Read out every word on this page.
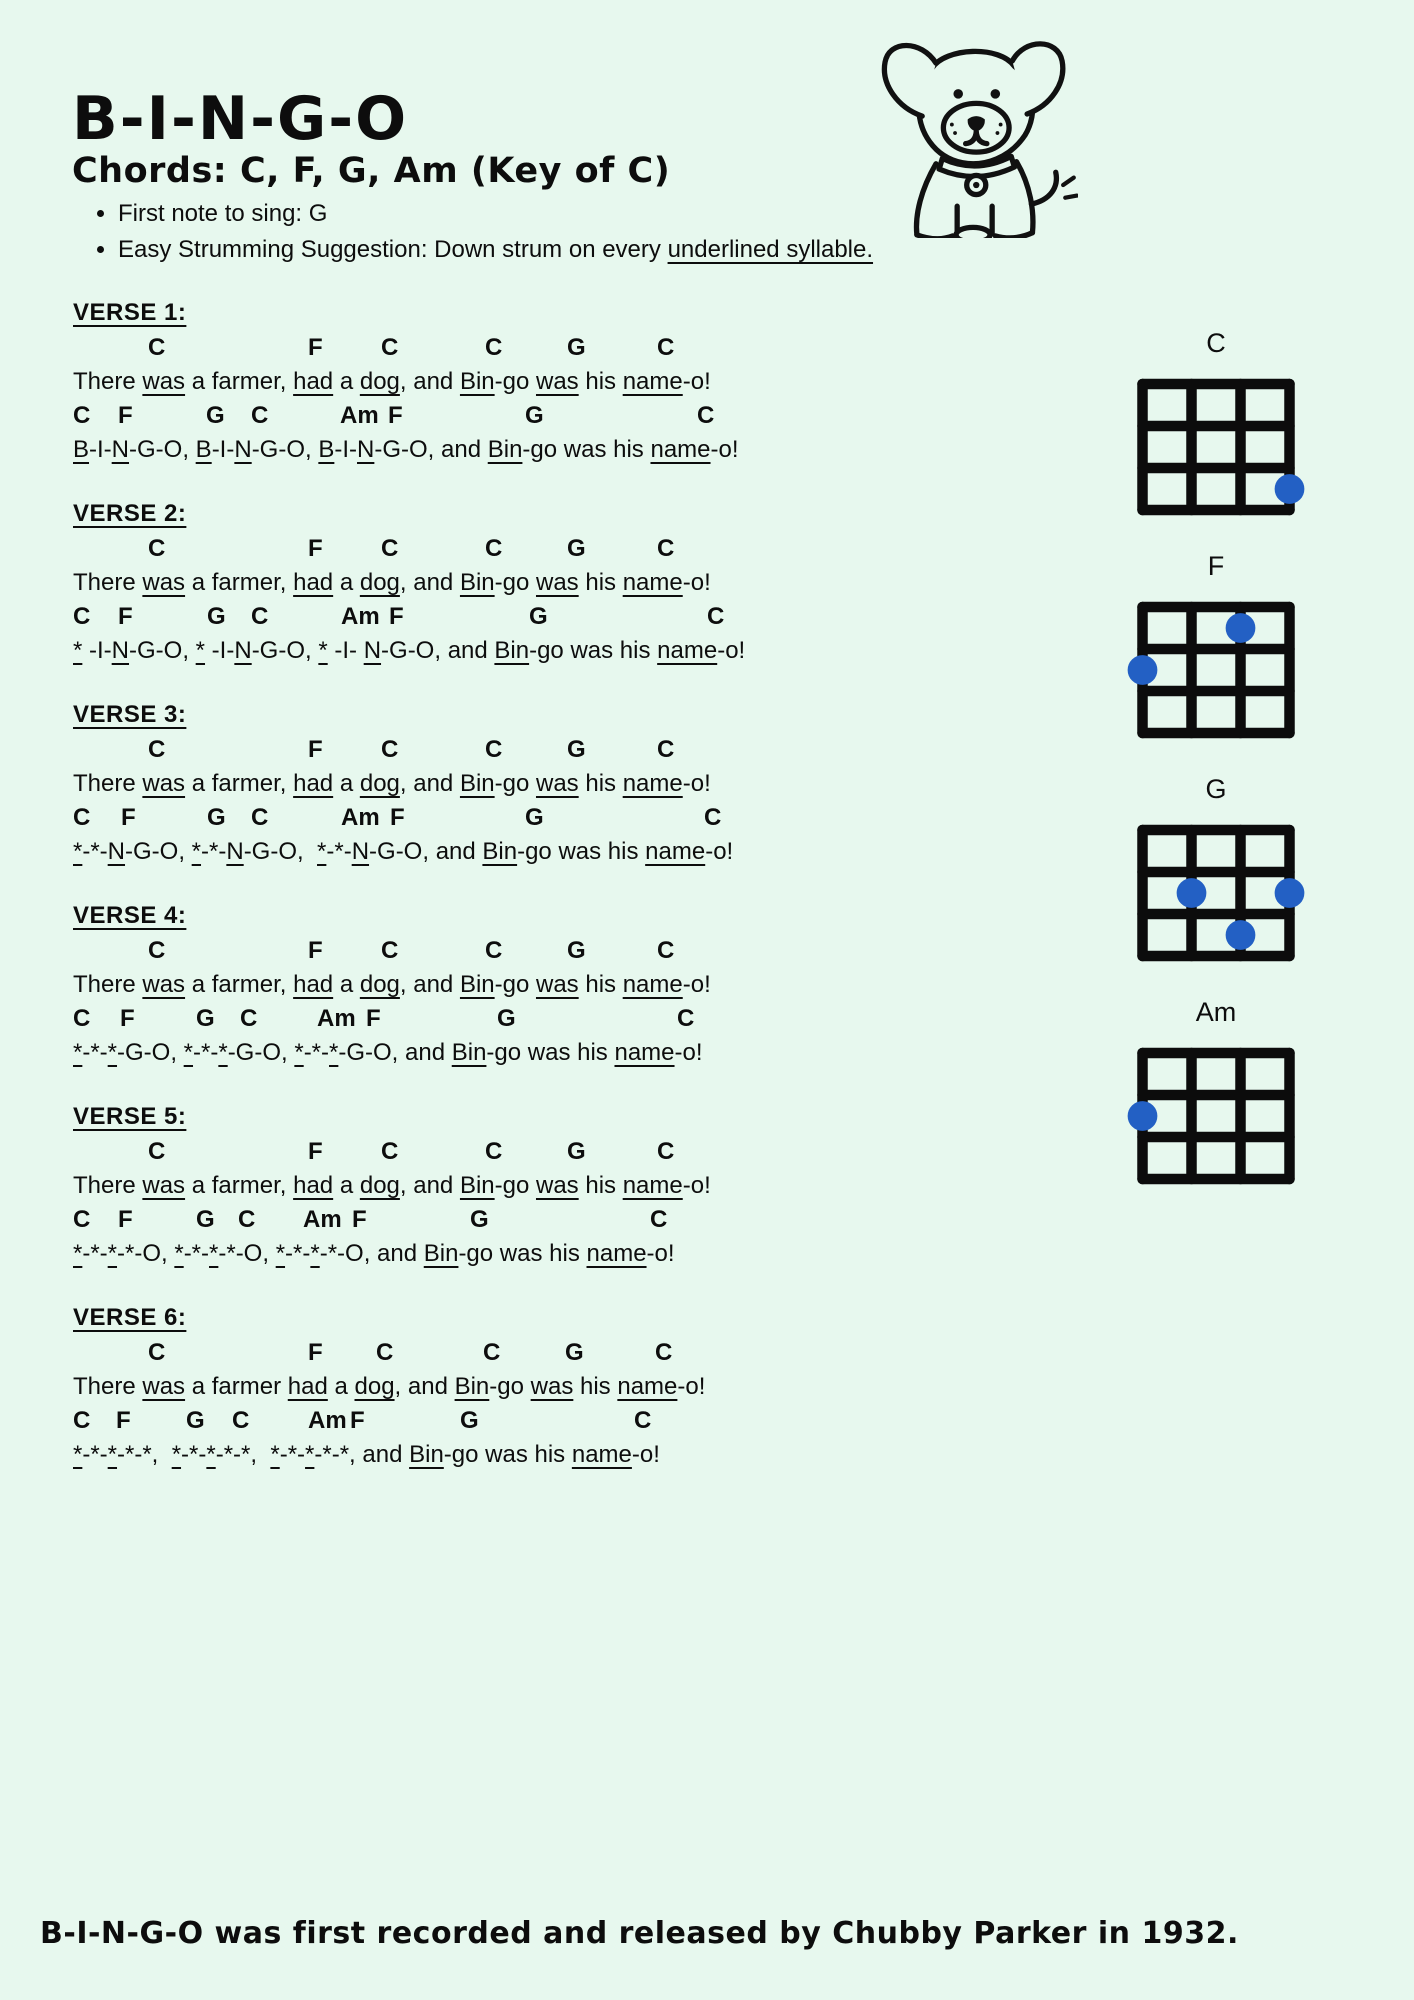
B-I-N-G-O
Chords: C, F, G, Am (Key of C)
• First note to sing: G
• Easy Strumming Suggestion: Down strum on every underlined syllable.
VERSE 1:
C	F C	C	G	C
There was a farmer, had a dog, and Bin-go was his name-o!
C F	G C	Am F	G	C
B-I-N-G-O, B-I-N-G-O, B-I-N-G-O, and Bin-go was his name-o!
VERSE 2:
C	F C	C	G	C
There was a farmer, had a dog, and Bin-go was his name-o!
C F	G C	Am F	G	C
* -I-N-G-O, * -I-N-G-O, * -I- N-G-O, and Bin-go was his name-o!
VERSE 3:
C	F C	C	G	C
There was a farmer, had a dog, and Bin-go was his name-o!
C F	G C	Am F	G	C
*-*-N-G-O, *-*-N-G-O,  *-*-N-G-O, and Bin-go was his name-o!
VERSE 4:
C	F C	C	G	C
There was a farmer, had a dog, and Bin-go was his name-o!
C F	G C Am F	G	C
*-*-*-G-O, *-*-*-G-O, *-*-*-G-O, and Bin-go was his name-o!
VERSE 5:
C	F C	C	G	C
There was a farmer, had a dog, and Bin-go was his name-o!
C F	G C Am F	G	C
*-*-*-*-O, *-*-*-*-O, *-*-*-*-O, and Bin-go was his name-o!
VERSE 6:
C	F C	C	G	C
There was a farmer had a dog, and Bin-go was his name-o!
C F G C Am F	G	C
*-*-*-*-*,  *-*-*-*-*,  *-*-*-*-*, and Bin-go was his name-o!
C
F
G
Am
B-I-N-G-O was first recorded and released by Chubby Parker in 1932.
